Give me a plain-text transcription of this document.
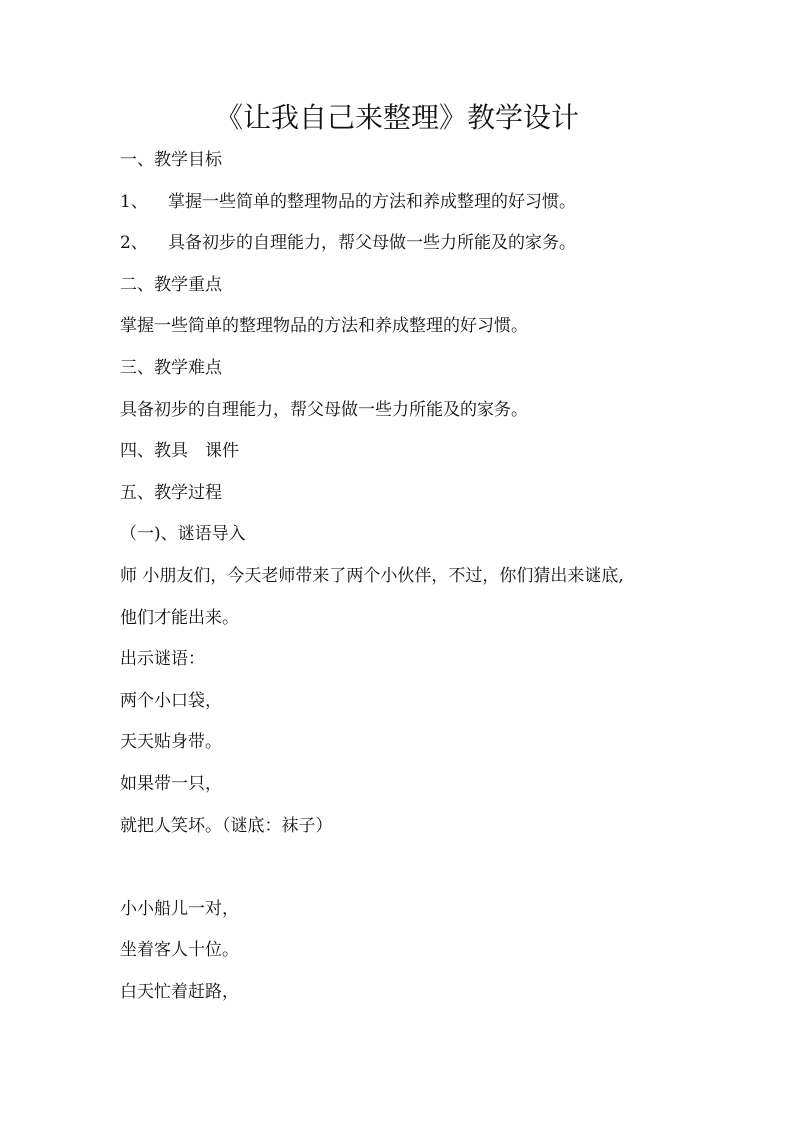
《让我自己来整理》教学设计
一、教学目标
1、 掌握一些简单的整理物品的方法和养成整理的好习惯。
2、 具备初步的自理能力，帮父母做一些力所能及的家务。
二、教学重点
掌握一些简单的整理物品的方法和养成整理的好习惯。
三、教学难点
具备初步的自理能力，帮父母做一些力所能及的家务。
四、教具　课件
五、教学过程
（一)、谜语导入
师 小朋友们，今天老师带来了两个小伙伴，不过，你们猜出来谜底,
他们才能出来。
出示谜语：
两个小口袋，
天天贴身带。
如果带一只，
就把人笑坏。（谜底：袜子）
小小船儿一对，
坐着客人十位。
白天忙着赶路，
